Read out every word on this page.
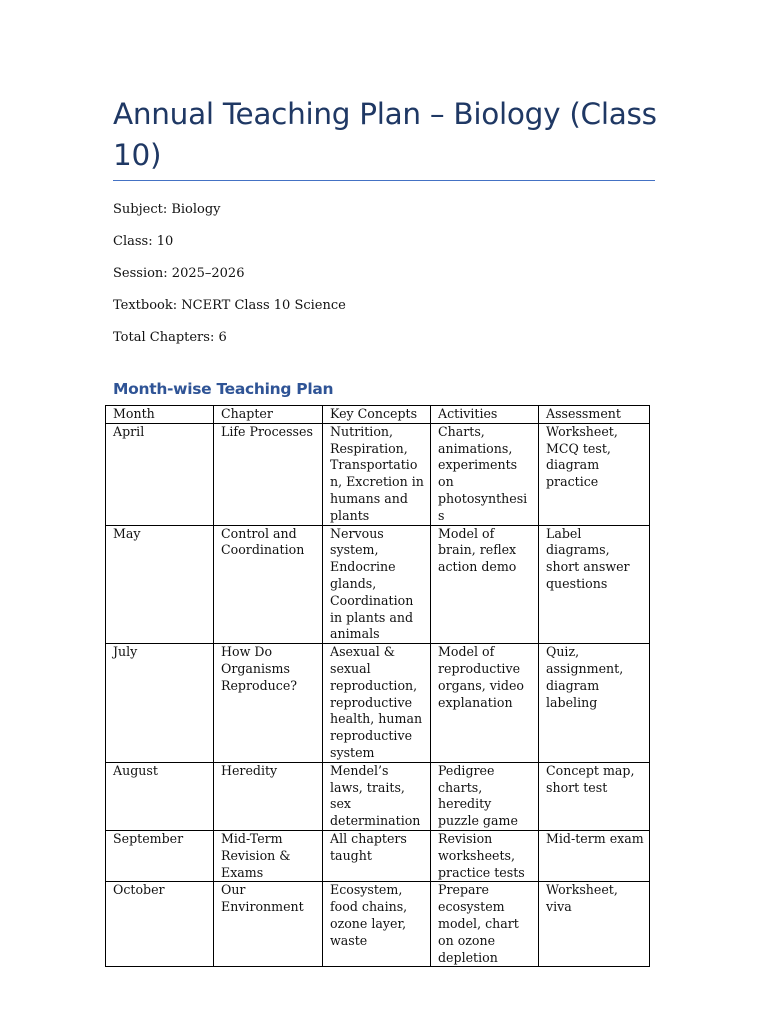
Annual Teaching Plan – Biology (Class 10)

Subject: Biology

Class: 10

Session: 2025–2026

Textbook: NCERT Class 10 Science

Total Chapters: 6

Month-wise Teaching Plan
Month	Chapter	Key Concepts	Activities	Assessment
April	Life Processes	Nutrition, Respiration, Transportation, Excretion in humans and plants	Charts, animations, experiments on photosynthesis	Worksheet, MCQ test, diagram practice
May	Control and Coordination	Nervous system, Endocrine glands, Coordination in plants and animals	Model of brain, reflex action demo	Label diagrams, short answer questions
July	How Do Organisms Reproduce?	Asexual & sexual reproduction, reproductive health, human reproductive system	Model of reproductive organs, video explanation	Quiz, assignment, diagram labeling
August	Heredity	Mendel’s laws, traits, sex determination	Pedigree charts, heredity puzzle game	Concept map, short test
September	Mid-Term Revision & Exams	All chapters taught	Revision worksheets, practice tests	Mid-term exam
October	Our Environment	Ecosystem, food chains, ozone layer, waste	Prepare ecosystem model, chart on ozone depletion	Worksheet, viva
